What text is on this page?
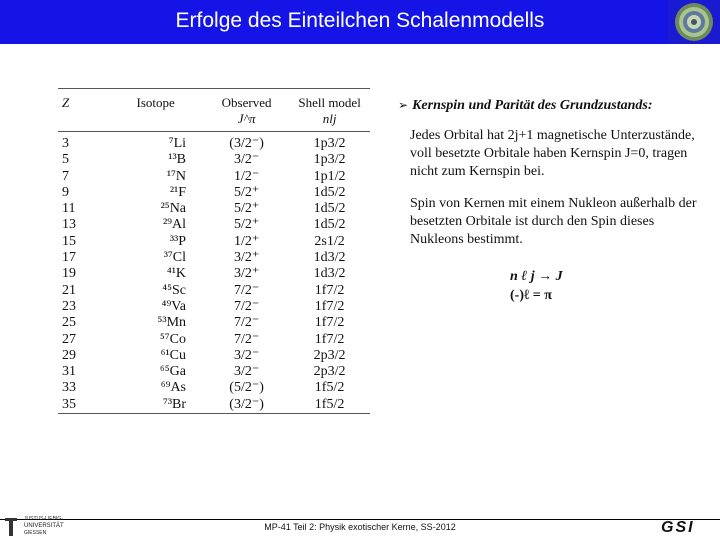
Erfolge des Einteilchen Schalenmodells
Z	Isotope	Observed	Shell model
		J^π	nlj
3	⁷Li	(3/2⁻)	1p3/2
5	¹³B	3/2⁻	1p3/2
7	¹⁷N	1/2⁻	1p1/2
9	²¹F	5/2⁺	1d5/2
11	²⁵Na	5/2⁺	1d5/2
13	²⁹Al	5/2⁺	1d5/2
15	³³P	1/2⁺	2s1/2
17	³⁷Cl	3/2⁺	1d3/2
19	⁴¹K	3/2⁺	1d3/2
21	⁴⁵Sc	7/2⁻	1f7/2
23	⁴⁹Va	7/2⁻	1f7/2
25	⁵³Mn	7/2⁻	1f7/2
27	⁵⁷Co	7/2⁻	1f7/2
29	⁶¹Cu	3/2⁻	2p3/2
31	⁶⁵Ga	3/2⁻	2p3/2
33	⁶⁹As	(5/2⁻)	1f5/2
35	⁷³Br	(3/2⁻)	1f5/2
➢ Kernspin und Parität des Grundzustands:
Jedes Orbital hat 2j+1 magnetische Unterzustände, voll besetzte Orbitale haben Kernspin J=0, tragen nicht zum Kernspin bei.
Spin von Kernen mit einem Nukleon außerhalb der besetzten Orbitale ist durch den Spin dieses Nukleons bestimmt.
n ℓ j → J
(-)ℓ = π
JUSTUS-LIEBIG-
UNIVERSITÄT
GIESSEN
MP-41 Teil 2: Physik exotischer Kerne, SS-2012	GSI
